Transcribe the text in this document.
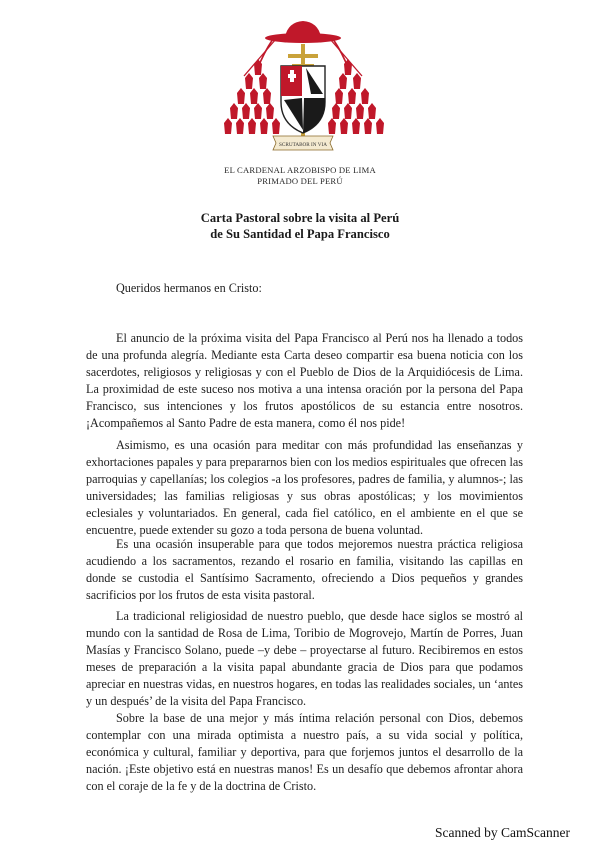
SCRUTABOR IN VIA
EL CARDENAL ARZOBISPO DE LIMA
PRIMADO DEL PERÚ
Carta Pastoral sobre la visita al Perú
de Su Santidad el Papa Francisco
Queridos hermanos en Cristo:

El anuncio de la próxima visita del Papa Francisco al Perú nos ha llenado a todos de una profunda alegría. Mediante esta Carta deseo compartir esa buena noticia con los sacerdotes, religiosos y religiosas y con el Pueblo de Dios de la Arquidiócesis de Lima. La proximidad de este suceso nos motiva a una intensa oración por la persona del Papa Francisco, sus intenciones y los frutos apostólicos de su estancia entre nosotros. ¡Acompañemos al Santo Padre de esta manera, como él nos pide!

Asimismo, es una ocasión para meditar con más profundidad las enseñanzas y exhortaciones papales y para prepararnos bien con los medios espirituales que ofrecen las parroquias y capellanías; los colegios -a los profesores, padres de familia, y alumnos-; las universidades; las familias religiosas y sus obras apostólicas; y los movimientos eclesiales y voluntariados. En general, cada fiel católico, en el ambiente en el que se encuentre, puede extender su gozo a toda persona de buena voluntad.

Es una ocasión insuperable para que todos mejoremos nuestra práctica religiosa acudiendo a los sacramentos, rezando el rosario en familia, visitando las capillas en donde se custodia el Santísimo Sacramento, ofreciendo a Dios pequeños y grandes sacrificios por los frutos de esta visita pastoral.

La tradicional religiosidad de nuestro pueblo, que desde hace siglos se mostró al mundo con la santidad de Rosa de Lima, Toribio de Mogrovejo, Martín de Porres, Juan Masías y Francisco Solano, puede –y debe – proyectarse al futuro. Recibiremos en estos meses de preparación a la visita papal abundante gracia de Dios para que podamos apreciar en nuestras vidas, en nuestros hogares, en todas las realidades sociales, un ‘antes y un después’ de la visita del Papa Francisco.

Sobre la base de una mejor y más íntima relación personal con Dios, debemos contemplar con una mirada optimista a nuestro país, a su vida social y política, económica y cultural, familiar y deportiva, para que forjemos juntos el desarrollo de la nación. ¡Este objetivo está en nuestras manos! Es un desafío que debemos afrontar ahora con el coraje de la fe y de la doctrina de Cristo.

Scanned by CamScanner
